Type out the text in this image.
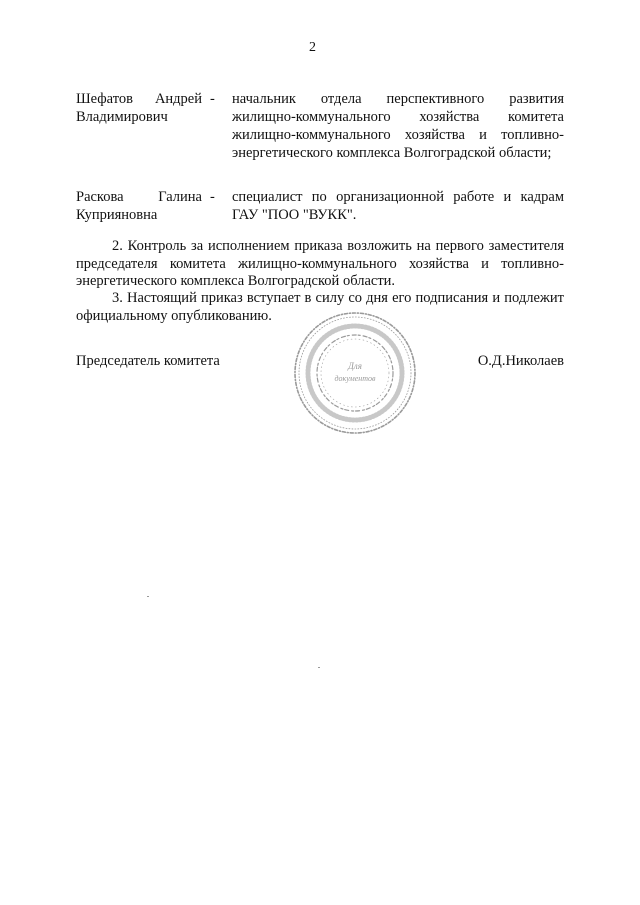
2
Шефатов Андрей
Владимирович
-	начальник отдела перспективного развития жилищно-коммунального хозяйства комитета жилищно-коммунального хозяйства и топливно-энергетического комплекса Волгоградской области;
Раскова Галина
Куприяновна
-	специалист по организационной работе и кадрам ГАУ "ПОО "ВУКК".

2. Контроль за исполнением приказа возложить на первого заместителя председателя комитета жилищно-коммунального хозяйства и топливно-энергетического комплекса Волгоградской области.

3. Настоящий приказ вступает в силу со дня его подписания и подлежит официальному опубликованию.

Для
документов
Председатель комитета	О.Д.Николаев
